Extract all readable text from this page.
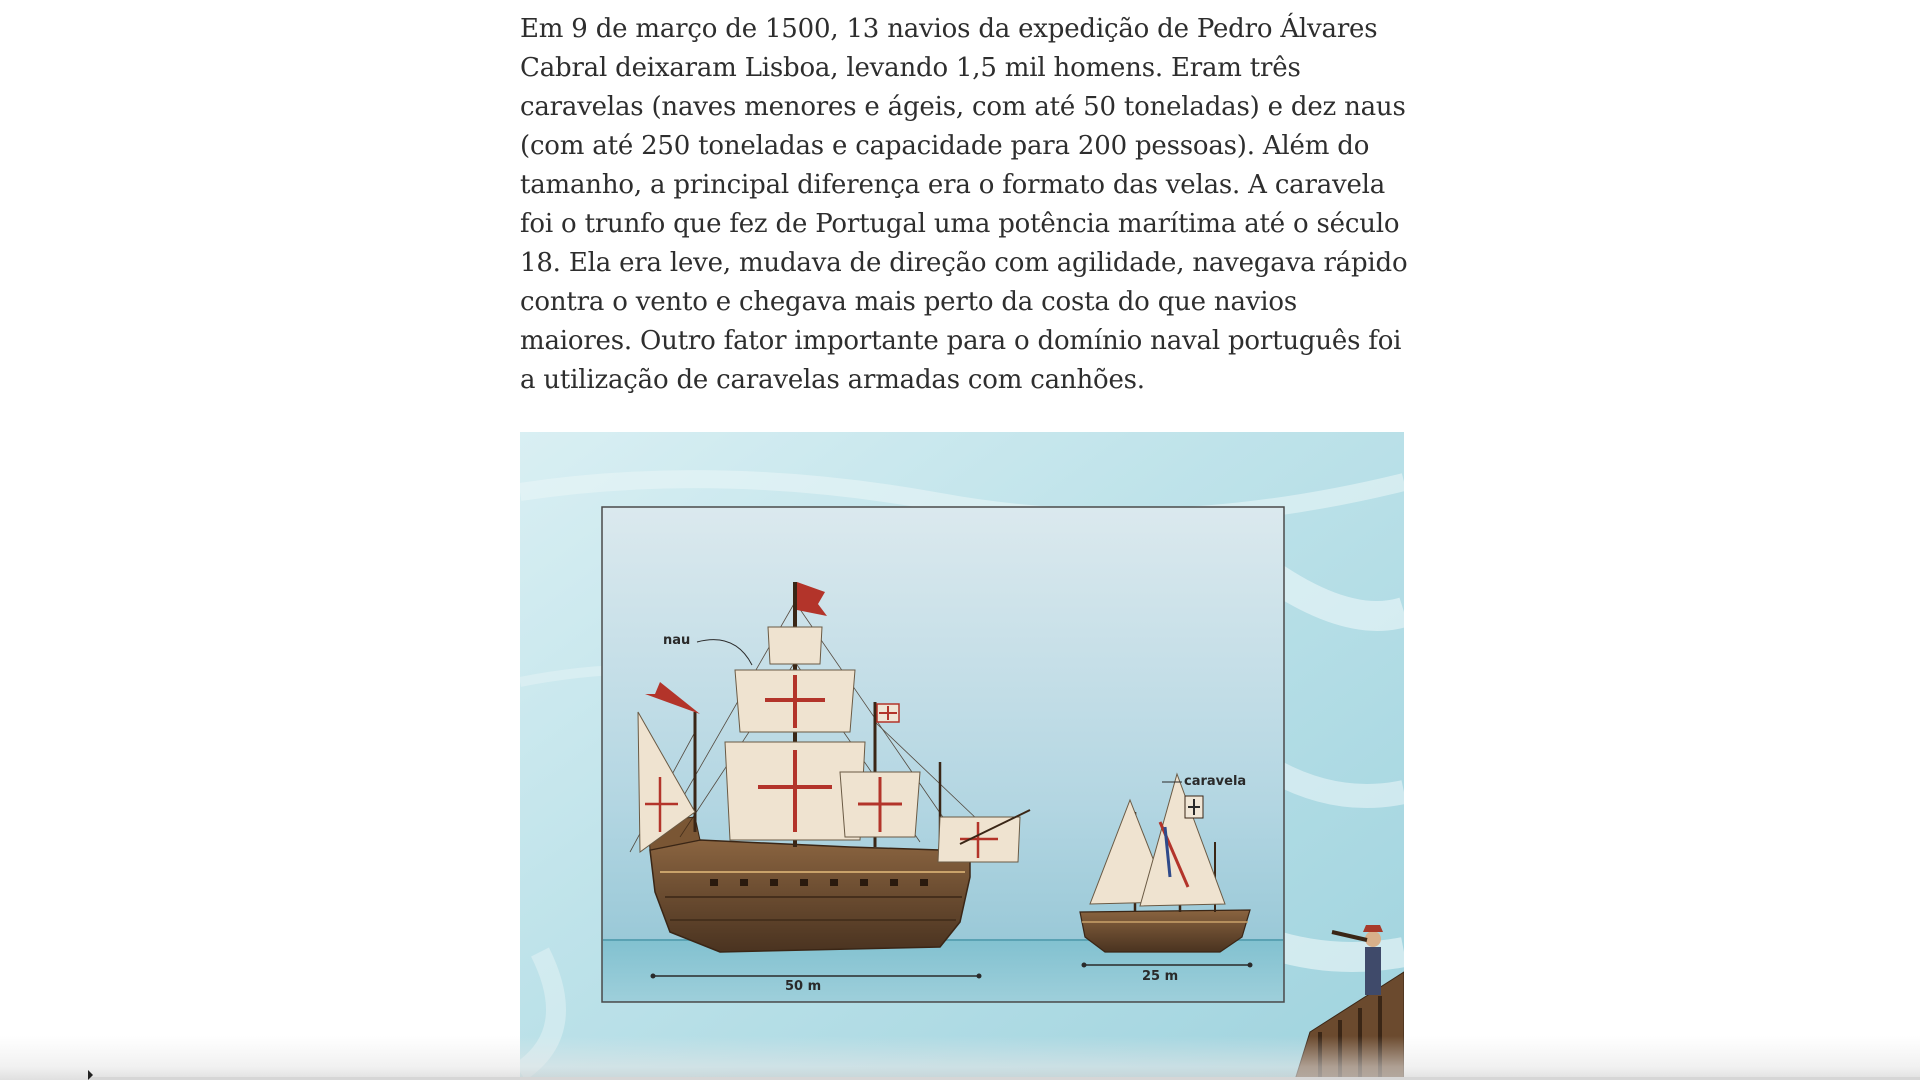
Em 9 de março de 1500, 13 navios da expedição de Pedro Álvares Cabral deixaram Lisboa, levando 1,5 mil homens. Eram três caravelas (naves menores e ágeis, com até 50 toneladas) e dez naus (com até 250 toneladas e capacidade para 200 pessoas). Além do tamanho, a principal diferença era o formato das velas. A caravela foi o trunfo que fez de Portugal uma potência marítima até o século 18. Ela era leve, mudava de direção com agilidade, navegava rápido contra o vento e chegava mais perto da costa do que navios maiores. Outro fator importante para o domínio naval português foi a utilização de caravelas armadas com canhões.

nau
caravela
50 m
25 m
